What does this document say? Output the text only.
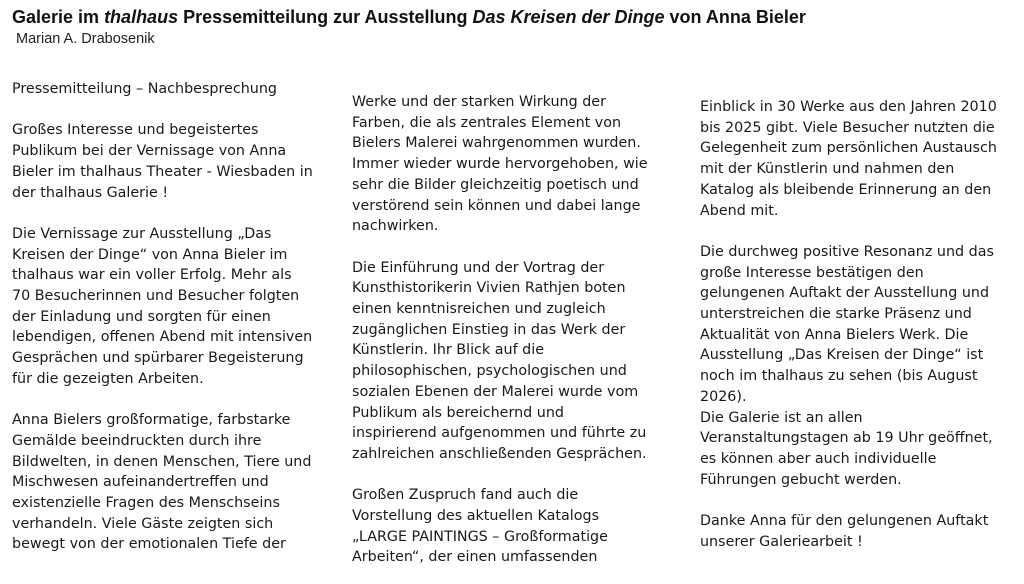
Galerie im thalhaus Pressemitteilung zur Ausstellung Das Kreisen der Dinge von Anna Bieler

Marian A. Drabosenik

Pressemitteilung – Nachbesprechung

Großes Interesse und begeistertes
Publikum bei der Vernissage von Anna
Bieler im thalhaus Theater - Wiesbaden in
der thalhaus Galerie !

Die Vernissage zur Ausstellung „Das
Kreisen der Dinge“ von Anna Bieler im
thalhaus war ein voller Erfolg. Mehr als
70 Besucherinnen und Besucher folgten
der Einladung und sorgten für einen
lebendigen, offenen Abend mit intensiven
Gesprächen und spürbarer Begeisterung
für die gezeigten Arbeiten.

Anna Bielers großformatige, farbstarke
Gemälde beeindruckten durch ihre
Bildwelten, in denen Menschen, Tiere und
Mischwesen aufeinandertreffen und
existenzielle Fragen des Menschseins
verhandeln. Viele Gäste zeigten sich
bewegt von der emotionalen Tiefe der

Werke und der starken Wirkung der
Farben, die als zentrales Element von
Bielers Malerei wahrgenommen wurden.
Immer wieder wurde hervorgehoben, wie
sehr die Bilder gleichzeitig poetisch und
verstörend sein können und dabei lange
nachwirken.

Die Einführung und der Vortrag der
Kunsthistorikerin Vivien Rathjen boten
einen kenntnisreichen und zugleich
zugänglichen Einstieg in das Werk der
Künstlerin. Ihr Blick auf die
philosophischen, psychologischen und
sozialen Ebenen der Malerei wurde vom
Publikum als bereichernd und
inspirierend aufgenommen und führte zu
zahlreichen anschließenden Gesprächen.

Großen Zuspruch fand auch die
Vorstellung des aktuellen Katalogs
„LARGE PAINTINGS – Großformatige
Arbeiten“, der einen umfassenden

Einblick in 30 Werke aus den Jahren 2010
bis 2025 gibt. Viele Besucher nutzten die
Gelegenheit zum persönlichen Austausch
mit der Künstlerin und nahmen den
Katalog als bleibende Erinnerung an den
Abend mit.

Die durchweg positive Resonanz und das
große Interesse bestätigen den
gelungenen Auftakt der Ausstellung und
unterstreichen die starke Präsenz und
Aktualität von Anna Bielers Werk. Die
Ausstellung „Das Kreisen der Dinge“ ist
noch im thalhaus zu sehen (bis August
2026).
Die Galerie ist an allen
Veranstaltungstagen ab 19 Uhr geöffnet,
es können aber auch individuelle
Führungen gebucht werden.

Danke Anna für den gelungenen Auftakt
unserer Galeriearbeit !
